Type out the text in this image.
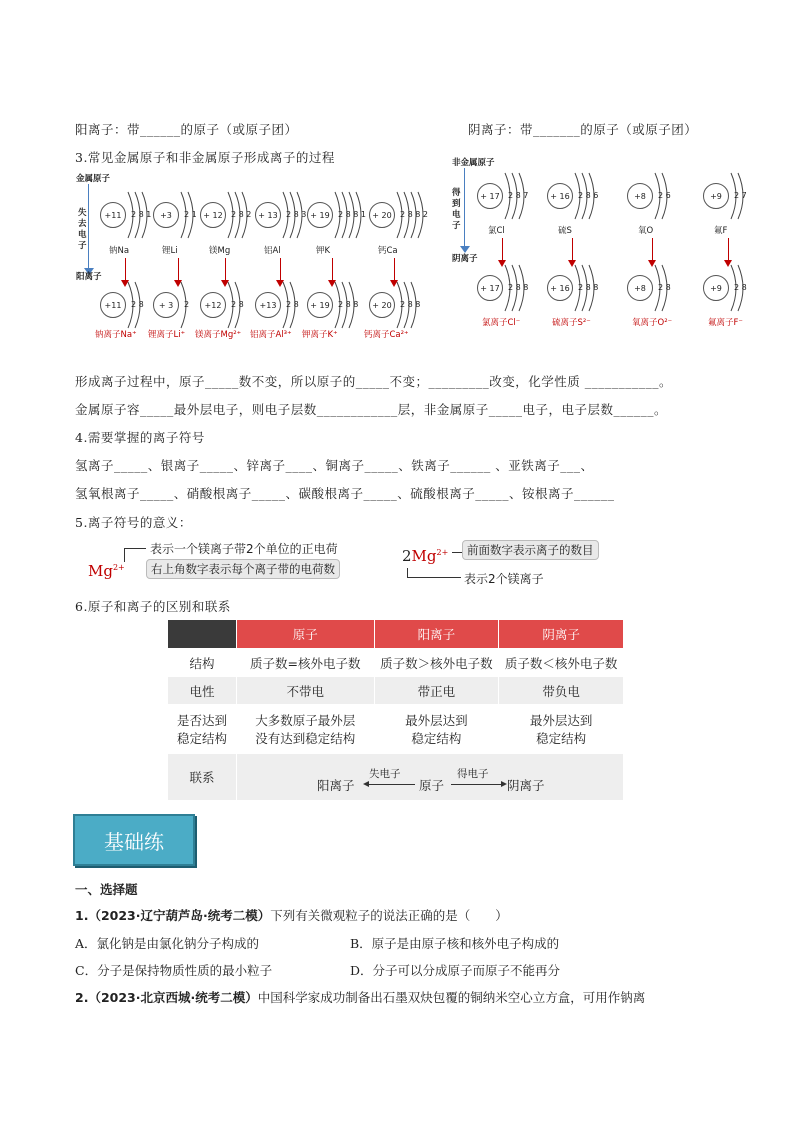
阳离子：带______的原子（或原子团）	阴离子：带_______的原子（或原子团）
3.常见金属原子和非金属原子形成离子的过程
金属原子
失去电子
阳离子
+11	2 8 1
钠Na
+11	2 8
钠离子Na⁺
+3	2 1
锂Li
+ 3	2
锂离子Li⁺
+ 12	2 8 2
镁Mg
+12	2 8
镁离子Mg²⁺
+ 13	2 8 3
铝Al
+13	2 8
铝离子Al³⁺
+ 19	2 8 8 1
钾K
+ 19	2 8 8
钾离子K⁺
+ 20	2 8 8 2
钙Ca
+ 20	2 8 8
钙离子Ca²⁺
非金属原子
得到电子
阴离子
+ 17	2 8 7
氯Cl
+ 17	2 8 8
氯离子Cl⁻
+ 16	2 8 6
硫S
+ 16	2 8 8
硫离子S²⁻
+8	2 6
氧O
+8	2 8
氧离子O²⁻
+9	2 7
氟F
+9	2 8
氟离子F⁻
形成离子过程中，原子_____数不变，所以原子的_____不变；_________改变，化学性质 ___________。
金属原子容_____最外层电子，则电子层数____________层，非金属原子_____电子，电子层数______。
4.需要掌握的离子符号
氢离子_____、银离子_____、锌离子____、铜离子_____、铁离子______ 、亚铁离子___、
氢氧根离子_____、硝酸根离子_____、碳酸根离子_____、硫酸根离子_____、铵根离子______
5.离子符号的意义：
$Mg^{2+}$
表示一个镁离子带2个单位的正电荷
右上角数字表示每个离子带的电荷数
$2Mg^{2+}$	前面数字表示离子的数目
表示2个镁离子
6.原子和离子的区别和联系
	原子	阳离子	阴离子
结构	质子数=核外电子数	质子数＞核外电子数	质子数＜核外电子数
电性	不带电	带正电	带负电
是否达到稳定结构	大多数原子最外层没有达到稳定结构	最外层达到稳定结构	最外层达到稳定结构
联系	阳离子
失电子
原子
得电子
阴离子		
基础练
一、选择题
1.（2023·辽宁葫芦岛·统考二模）下列有关微观粒子的说法正确的是（　　）
A．氯化钠是由氯化钠分子构成的	B．原子是由原子核和核外电子构成的
C．分子是保持物质性质的最小粒子	D．分子可以分成原子而原子不能再分
2.（2023·北京西城·统考二模）中国科学家成功制备出石墨双炔包覆的铜纳米空心立方盒，可用作钠离
